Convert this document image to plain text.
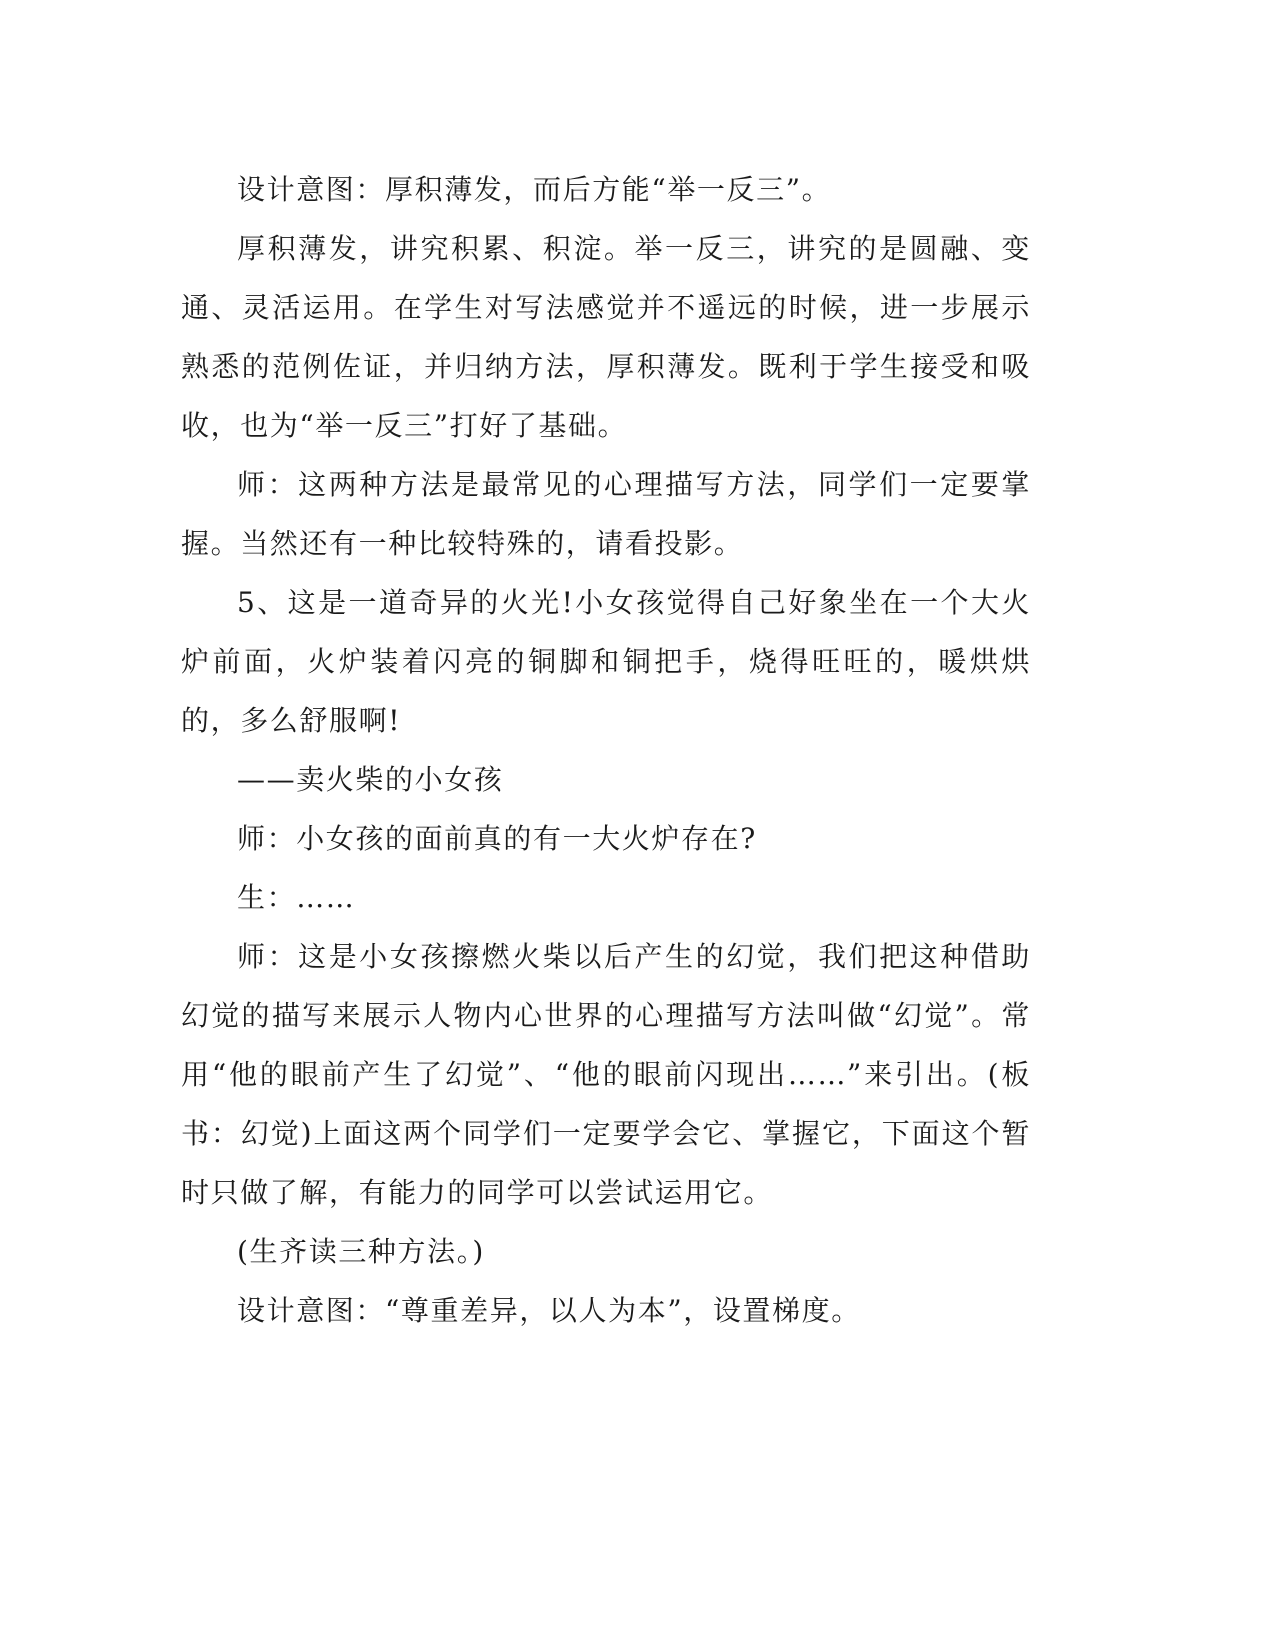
设计意图：厚积薄发，而后方能“举一反三”。

厚积薄发，讲究积累、积淀。举一反三，讲究的是圆融、变通、灵活运用。在学生对写法感觉并不遥远的时候，进一步展示熟悉的范例佐证，并归纳方法，厚积薄发。既利于学生接受和吸收，也为“举一反三”打好了基础。

师：这两种方法是最常见的心理描写方法，同学们一定要掌握。当然还有一种比较特殊的，请看投影。

5、这是一道奇异的火光!小女孩觉得自己好象坐在一个大火炉前面，火炉装着闪亮的铜脚和铜把手，烧得旺旺的，暖烘烘的，多么舒服啊!

——卖火柴的小女孩

师：小女孩的面前真的有一大火炉存在?

生：……

师：这是小女孩擦燃火柴以后产生的幻觉，我们把这种借助幻觉的描写来展示人物内心世界的心理描写方法叫做“幻觉”。常用“他的眼前产生了幻觉”、“他的眼前闪现出……”来引出。(板书：幻觉)上面这两个同学们一定要学会它、掌握它，下面这个暂时只做了解，有能力的同学可以尝试运用它。

(生齐读三种方法。)

设计意图：“尊重差异，以人为本”，设置梯度。
